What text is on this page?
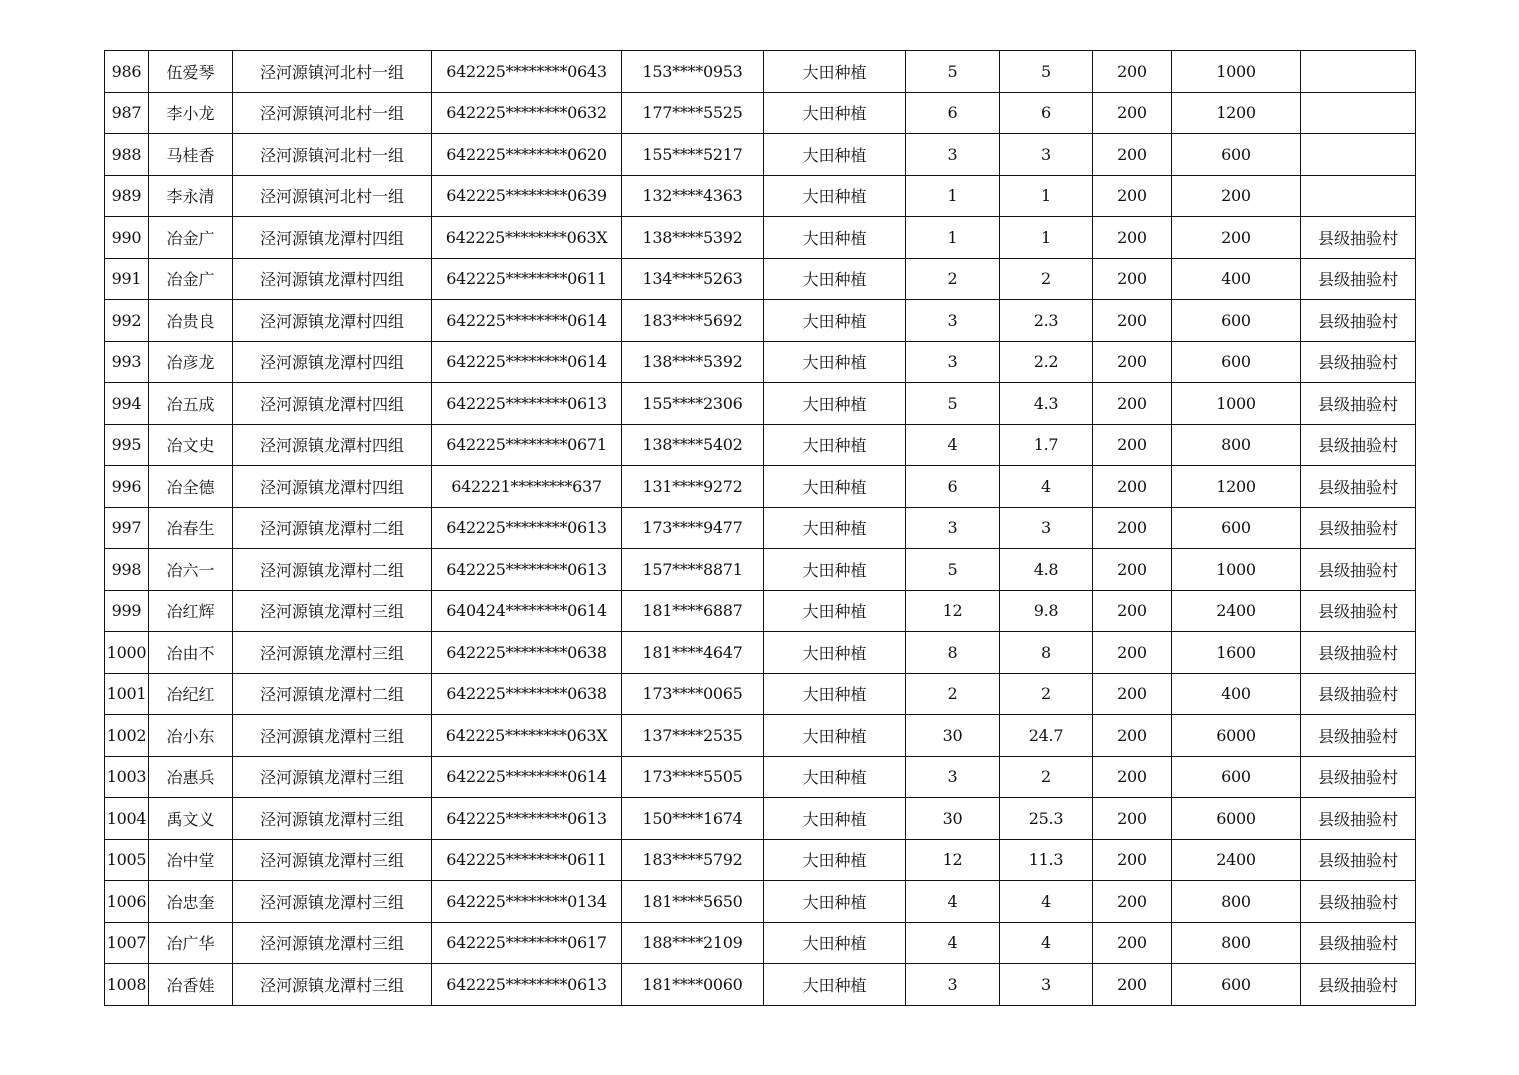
986	伍爱琴	泾河源镇河北村一组	642225********0643	153****0953	大田种植	5	5	200	1000	
987	李小龙	泾河源镇河北村一组	642225********0632	177****5525	大田种植	6	6	200	1200	
988	马桂香	泾河源镇河北村一组	642225********0620	155****5217	大田种植	3	3	200	600	
989	李永清	泾河源镇河北村一组	642225********0639	132****4363	大田种植	1	1	200	200	
990	冶金广	泾河源镇龙潭村四组	642225********063X	138****5392	大田种植	1	1	200	200	县级抽验村
991	冶金广	泾河源镇龙潭村四组	642225********0611	134****5263	大田种植	2	2	200	400	县级抽验村
992	冶贵良	泾河源镇龙潭村四组	642225********0614	183****5692	大田种植	3	2.3	200	600	县级抽验村
993	冶彦龙	泾河源镇龙潭村四组	642225********0614	138****5392	大田种植	3	2.2	200	600	县级抽验村
994	冶五成	泾河源镇龙潭村四组	642225********0613	155****2306	大田种植	5	4.3	200	1000	县级抽验村
995	冶文史	泾河源镇龙潭村四组	642225********0671	138****5402	大田种植	4	1.7	200	800	县级抽验村
996	冶全德	泾河源镇龙潭村四组	642221********637	131****9272	大田种植	6	4	200	1200	县级抽验村
997	冶春生	泾河源镇龙潭村二组	642225********0613	173****9477	大田种植	3	3	200	600	县级抽验村
998	冶六一	泾河源镇龙潭村二组	642225********0613	157****8871	大田种植	5	4.8	200	1000	县级抽验村
999	冶红辉	泾河源镇龙潭村三组	640424********0614	181****6887	大田种植	12	9.8	200	2400	县级抽验村
1000	冶由不	泾河源镇龙潭村三组	642225********0638	181****4647	大田种植	8	8	200	1600	县级抽验村
1001	冶纪红	泾河源镇龙潭村二组	642225********0638	173****0065	大田种植	2	2	200	400	县级抽验村
1002	冶小东	泾河源镇龙潭村三组	642225********063X	137****2535	大田种植	30	24.7	200	6000	县级抽验村
1003	冶惠兵	泾河源镇龙潭村三组	642225********0614	173****5505	大田种植	3	2	200	600	县级抽验村
1004	禹文义	泾河源镇龙潭村三组	642225********0613	150****1674	大田种植	30	25.3	200	6000	县级抽验村
1005	冶中堂	泾河源镇龙潭村三组	642225********0611	183****5792	大田种植	12	11.3	200	2400	县级抽验村
1006	冶忠奎	泾河源镇龙潭村三组	642225********0134	181****5650	大田种植	4	4	200	800	县级抽验村
1007	冶广华	泾河源镇龙潭村三组	642225********0617	188****2109	大田种植	4	4	200	800	县级抽验村
1008	冶香娃	泾河源镇龙潭村三组	642225********0613	181****0060	大田种植	3	3	200	600	县级抽验村
